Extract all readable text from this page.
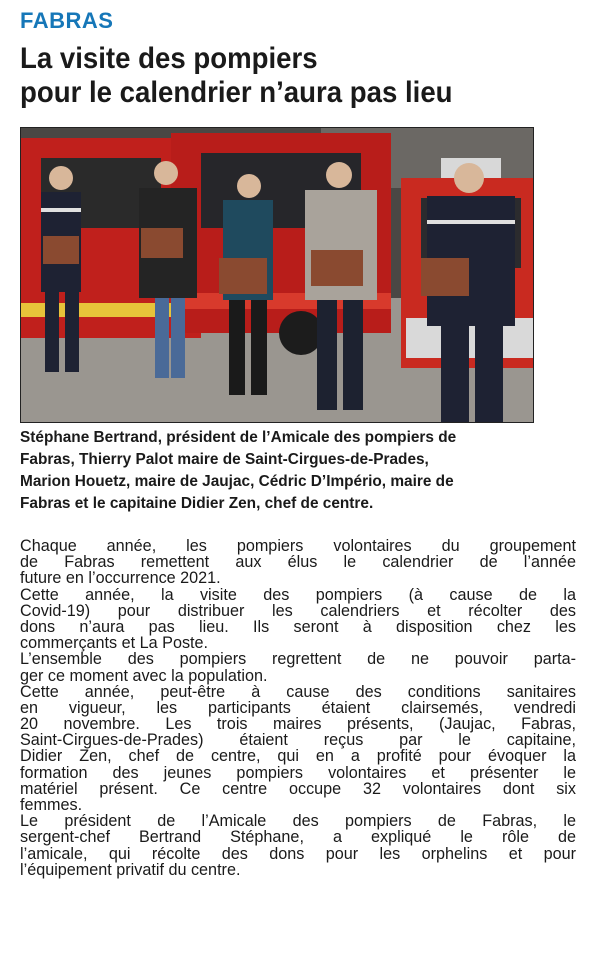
FABRAS
La visite des pompiers
pour le calendrier n’aura pas lieu
Stéphane Bertrand, président de l’Amicale des pompiers de
Fabras, Thierry Palot maire de Saint-Cirgues-de-Prades,
Marion Houetz, maire de Jaujac, Cédric D’Império, maire de
Fabras et le capitaine Didier Zen, chef de centre.
Chaque année, les pompiers volontaires du groupement
de Fabras remettent aux élus le calendrier de l’année
future en l’occurrence 2021.
Cette année, la visite des pompiers (à cause de la
Covid-19) pour distribuer les calendriers et récolter des
dons n’aura pas lieu. Ils seront à disposition chez les
commerçants et La Poste.
L’ensemble des pompiers regrettent de ne pouvoir parta-
ger ce moment avec la population.
Cette année, peut-être à cause des conditions sanitaires
en vigueur, les participants étaient clairsemés, vendredi
20 novembre. Les trois maires présents, (Jaujac, Fabras,
Saint-Cirgues-de-Prades) étaient reçus par le capitaine,
Didier Zen, chef de centre, qui en a profité pour évoquer la
formation des jeunes pompiers volontaires et présenter le
matériel présent. Ce centre occupe 32 volontaires dont six
femmes.
Le président de l’Amicale des pompiers de Fabras, le
sergent-chef Bertrand Stéphane, a expliqué le rôle de
l’amicale, qui récolte des dons pour les orphelins et pour
l’équipement privatif du centre.
